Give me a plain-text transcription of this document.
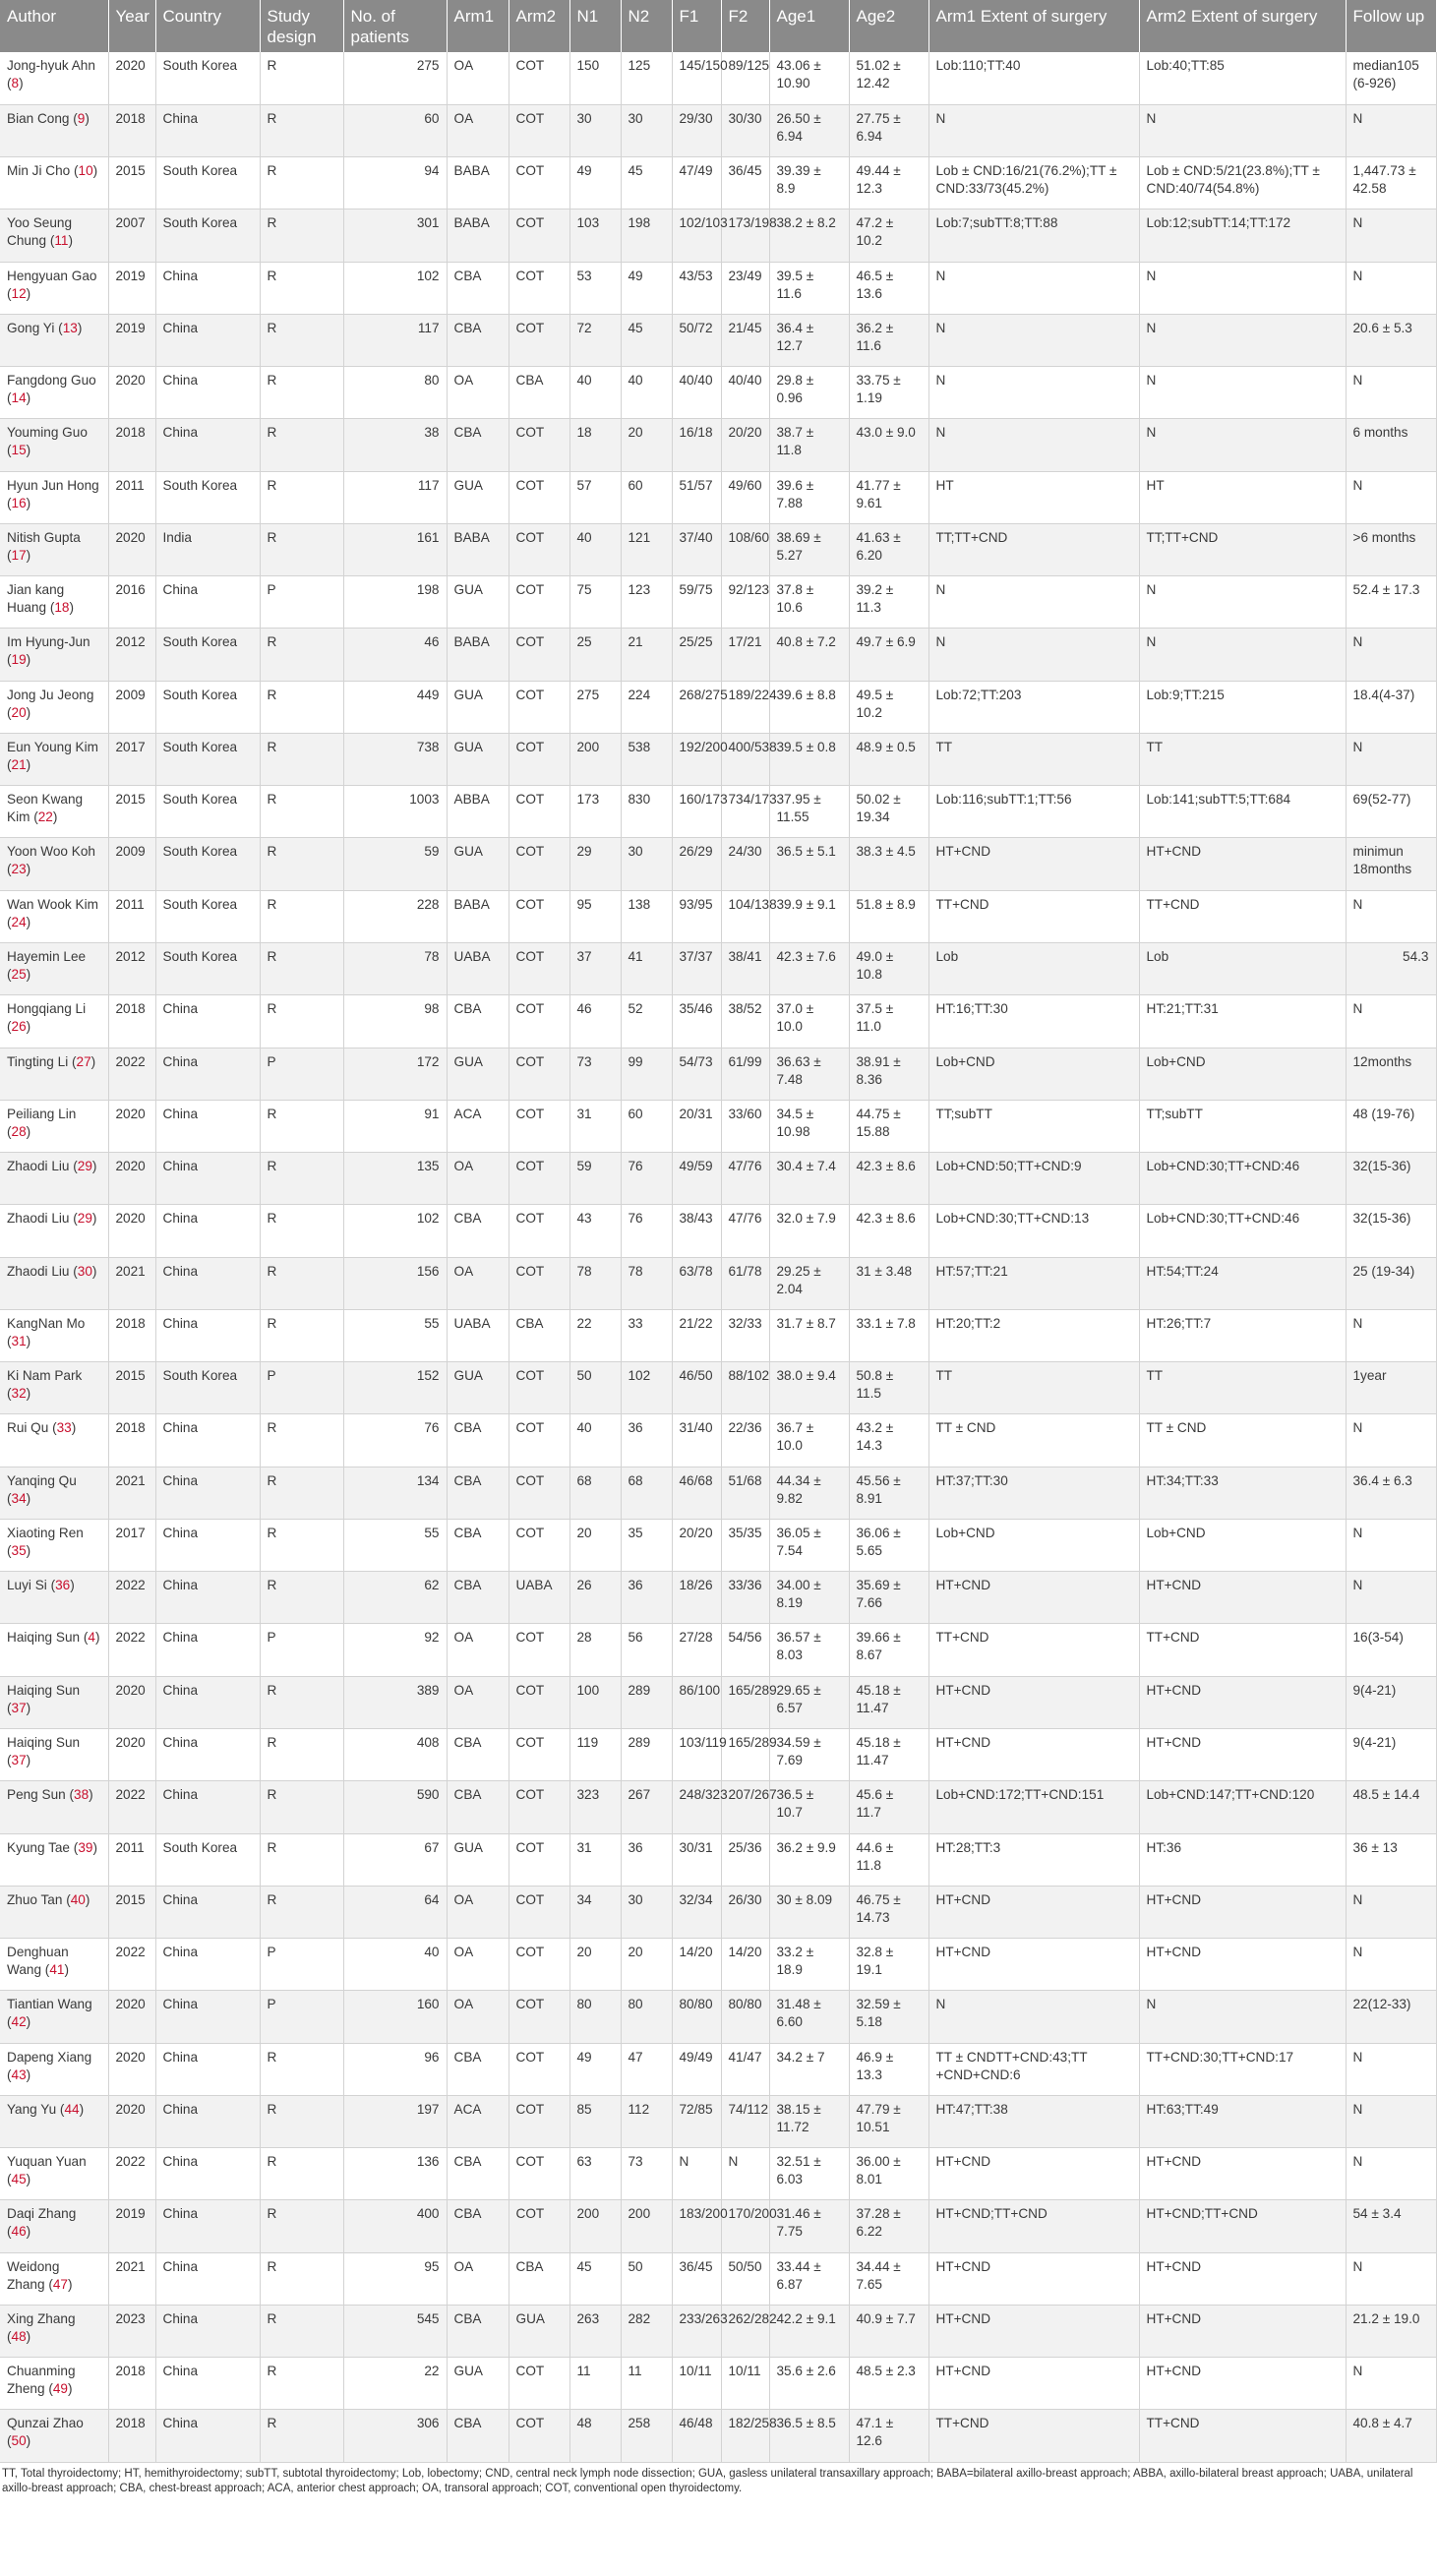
Author	Year	Country	Study design	No. of patients	Arm1	Arm2	N1	N2	F1	F2	Age1	Age2	Arm1 Extent of surgery	Arm2 Extent of surgery	Follow up
Jong-hyuk Ahn (8)	2020	South Korea	R	275	OA	COT	150	125	145/150	89/125	43.06 ± 10.90	51.02 ± 12.42	Lob:110;TT:40	Lob:40;TT:85	median105 (6-926)
Bian Cong (9)	2018	China	R	60	OA	COT	30	30	29/30	30/30	26.50 ± 6.94	27.75 ± 6.94	N	N	N
Min Ji Cho (10)	2015	South Korea	R	94	BABA	COT	49	45	47/49	36/45	39.39 ± 8.9	49.44 ± 12.3	Lob ± CND:16/21(76.2%);TT ± CND:33/73(45.2%)	Lob ± CND:5/21(23.8%);TT ± CND:40/74(54.8%)	1,447.73 ± 42.58
Yoo Seung Chung (11)	2007	South Korea	R	301	BABA	COT	103	198	102/103	173/198	38.2 ± 8.2	47.2 ± 10.2	Lob:7;subTT:8;TT:88	Lob:12;subTT:14;TT:172	N
Hengyuan Gao (12)	2019	China	R	102	CBA	COT	53	49	43/53	23/49	39.5 ± 11.6	46.5 ± 13.6	N	N	N
Gong Yi (13)	2019	China	R	117	CBA	COT	72	45	50/72	21/45	36.4 ± 12.7	36.2 ± 11.6	N	N	20.6 ± 5.3
Fangdong Guo (14)	2020	China	R	80	OA	CBA	40	40	40/40	40/40	29.8 ± 0.96	33.75 ± 1.19	N	N	N
Youming Guo (15)	2018	China	R	38	CBA	COT	18	20	16/18	20/20	38.7 ± 11.8	43.0 ± 9.0	N	N	6 months
Hyun Jun Hong (16)	2011	South Korea	R	117	GUA	COT	57	60	51/57	49/60	39.6 ± 7.88	41.77 ± 9.61	HT	HT	N
Nitish Gupta (17)	2020	India	R	161	BABA	COT	40	121	37/40	108/60	38.69 ± 5.27	41.63 ± 6.20	TT;TT+CND	TT;TT+CND	>6 months
Jian kang Huang (18)	2016	China	P	198	GUA	COT	75	123	59/75	92/123	37.8 ± 10.6	39.2 ± 11.3	N	N	52.4 ± 17.3
Im Hyung-Jun (19)	2012	South Korea	R	46	BABA	COT	25	21	25/25	17/21	40.8 ± 7.2	49.7 ± 6.9	N	N	N
Jong Ju Jeong (20)	2009	South Korea	R	449	GUA	COT	275	224	268/275	189/224	39.6 ± 8.8	49.5 ± 10.2	Lob:72;TT:203	Lob:9;TT:215	18.4(4-37)
Eun Young Kim (21)	2017	South Korea	R	738	GUA	COT	200	538	192/200	400/538	39.5 ± 0.8	48.9 ± 0.5	TT	TT	N
Seon Kwang Kim (22)	2015	South Korea	R	1003	ABBA	COT	173	830	160/173	734/173	37.95 ± 11.55	50.02 ± 19.34	Lob:116;subTT:1;TT:56	Lob:141;subTT:5;TT:684	69(52-77)
Yoon Woo Koh (23)	2009	South Korea	R	59	GUA	COT	29	30	26/29	24/30	36.5 ± 5.1	38.3 ± 4.5	HT+CND	HT+CND	minimun 18months
Wan Wook Kim (24)	2011	South Korea	R	228	BABA	COT	95	138	93/95	104/138	39.9 ± 9.1	51.8 ± 8.9	TT+CND	TT+CND	N
Hayemin Lee (25)	2012	South Korea	R	78	UABA	COT	37	41	37/37	38/41	42.3 ± 7.6	49.0 ± 10.8	Lob	Lob	54.3
Hongqiang Li (26)	2018	China	R	98	CBA	COT	46	52	35/46	38/52	37.0 ± 10.0	37.5 ± 11.0	HT:16;TT:30	HT:21;TT:31	N
Tingting Li (27)	2022	China	P	172	GUA	COT	73	99	54/73	61/99	36.63 ± 7.48	38.91 ± 8.36	Lob+CND	Lob+CND	12months
Peiliang Lin (28)	2020	China	R	91	ACA	COT	31	60	20/31	33/60	34.5 ± 10.98	44.75 ± 15.88	TT;subTT	TT;subTT	48 (19-76)
Zhaodi Liu (29)	2020	China	R	135	OA	COT	59	76	49/59	47/76	30.4 ± 7.4	42.3 ± 8.6	Lob+CND:50;TT+CND:9	Lob+CND:30;TT+CND:46	32(15-36)
Zhaodi Liu (29)	2020	China	R	102	CBA	COT	43	76	38/43	47/76	32.0 ± 7.9	42.3 ± 8.6	Lob+CND:30;TT+CND:13	Lob+CND:30;TT+CND:46	32(15-36)
Zhaodi Liu (30)	2021	China	R	156	OA	COT	78	78	63/78	61/78	29.25 ± 2.04	31 ± 3.48	HT:57;TT:21	HT:54;TT:24	25 (19-34)
KangNan Mo (31)	2018	China	R	55	UABA	CBA	22	33	21/22	32/33	31.7 ± 8.7	33.1 ± 7.8	HT:20;TT:2	HT:26;TT:7	N
Ki Nam Park (32)	2015	South Korea	P	152	GUA	COT	50	102	46/50	88/102	38.0 ± 9.4	50.8 ± 11.5	TT	TT	1year
Rui Qu (33)	2018	China	R	76	CBA	COT	40	36	31/40	22/36	36.7 ± 10.0	43.2 ± 14.3	TT ± CND	TT ± CND	N
Yanqing Qu (34)	2021	China	R	134	CBA	COT	68	68	46/68	51/68	44.34 ± 9.82	45.56 ± 8.91	HT:37;TT:30	HT:34;TT:33	36.4 ± 6.3
Xiaoting Ren (35)	2017	China	R	55	CBA	COT	20	35	20/20	35/35	36.05 ± 7.54	36.06 ± 5.65	Lob+CND	Lob+CND	N
Luyi Si (36)	2022	China	R	62	CBA	UABA	26	36	18/26	33/36	34.00 ± 8.19	35.69 ± 7.66	HT+CND	HT+CND	N
Haiqing Sun (4)	2022	China	P	92	OA	COT	28	56	27/28	54/56	36.57 ± 8.03	39.66 ± 8.67	TT+CND	TT+CND	16(3-54)
Haiqing Sun (37)	2020	China	R	389	OA	COT	100	289	86/100	165/289	29.65 ± 6.57	45.18 ± 11.47	HT+CND	HT+CND	9(4-21)
Haiqing Sun (37)	2020	China	R	408	CBA	COT	119	289	103/119	165/289	34.59 ± 7.69	45.18 ± 11.47	HT+CND	HT+CND	9(4-21)
Peng Sun (38)	2022	China	R	590	CBA	COT	323	267	248/323	207/267	36.5 ± 10.7	45.6 ± 11.7	Lob+CND:172;TT+CND:151	Lob+CND:147;TT+CND:120	48.5 ± 14.4
Kyung Tae (39)	2011	South Korea	R	67	GUA	COT	31	36	30/31	25/36	36.2 ± 9.9	44.6 ± 11.8	HT:28;TT:3	HT:36	36 ± 13
Zhuo Tan (40)	2015	China	R	64	OA	COT	34	30	32/34	26/30	30 ± 8.09	46.75 ± 14.73	HT+CND	HT+CND	N
Denghuan Wang (41)	2022	China	P	40	OA	COT	20	20	14/20	14/20	33.2 ± 18.9	32.8 ± 19.1	HT+CND	HT+CND	N
Tiantian Wang (42)	2020	China	P	160	OA	COT	80	80	80/80	80/80	31.48 ± 6.60	32.59 ± 5.18	N	N	22(12-33)
Dapeng Xiang (43)	2020	China	R	96	CBA	COT	49	47	49/49	41/47	34.2 ± 7	46.9 ± 13.3	TT ± CNDTT+CND:43;TT +CND+CND:6	TT+CND:30;TT+CND:17	N
Yang Yu (44)	2020	China	R	197	ACA	COT	85	112	72/85	74/112	38.15 ± 11.72	47.79 ± 10.51	HT:47;TT:38	HT:63;TT:49	N
Yuquan Yuan (45)	2022	China	R	136	CBA	COT	63	73	N	N	32.51 ± 6.03	36.00 ± 8.01	HT+CND	HT+CND	N
Daqi Zhang (46)	2019	China	R	400	CBA	COT	200	200	183/200	170/200	31.46 ± 7.75	37.28 ± 6.22	HT+CND;TT+CND	HT+CND;TT+CND	54 ± 3.4
Weidong Zhang (47)	2021	China	R	95	OA	CBA	45	50	36/45	50/50	33.44 ± 6.87	34.44 ± 7.65	HT+CND	HT+CND	N
Xing Zhang (48)	2023	China	R	545	CBA	GUA	263	282	233/263	262/282	42.2 ± 9.1	40.9 ± 7.7	HT+CND	HT+CND	21.2 ± 19.0
Chuanming Zheng (49)	2018	China	R	22	GUA	COT	11	11	10/11	10/11	35.6 ± 2.6	48.5 ± 2.3	HT+CND	HT+CND	N
Qunzai Zhao (50)	2018	China	R	306	CBA	COT	48	258	46/48	182/258	36.5 ± 8.5	47.1 ± 12.6	TT+CND	TT+CND	40.8 ± 4.7
TT, Total thyroidectomy; HT, hemithyroidectomy; subTT, subtotal thyroidectomy; Lob, lobectomy; CND, central neck lymph node dissection; GUA, gasless unilateral transaxillary approach; BABA=bilateral axillo-breast approach; ABBA, axillo-bilateral breast approach; UABA, unilateral axillo-breast approach; CBA, chest-breast approach; ACA, anterior chest approach; OA, transoral approach; COT, conventional open thyroidectomy.
